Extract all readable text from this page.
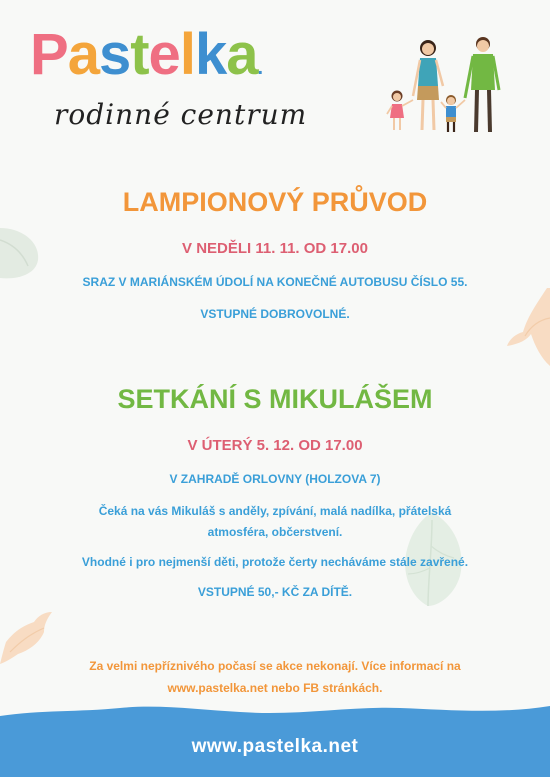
Pastelka.
rodinné centrum
LAMPIONOVÝ PRŮVOD
V NEDĚLI 11. 11. OD 17.00
SRAZ V MARIÁNSKÉM ÚDOLÍ NA KONEČNÉ AUTOBUSU ČÍSLO 55.
VSTUPNÉ DOBROVOLNÉ.
SETKÁNÍ S MIKULÁŠEM
V ÚTERÝ 5. 12. OD 17.00
V ZAHRADĚ ORLOVNY (HOLZOVA 7)
Čeká na vás Mikuláš s anděly, zpívání, malá nadílka, přátelská
atmosféra, občerstvení.
Vhodné i pro nejmenší děti, protože čerty necháváme stále zavřené.
VSTUPNÉ 50,- KČ ZA DÍTĚ.
Za velmi nepříznivého počasí se akce nekonají. Více informací na
www.pastelka.net nebo FB stránkách.
www.pastelka.net
